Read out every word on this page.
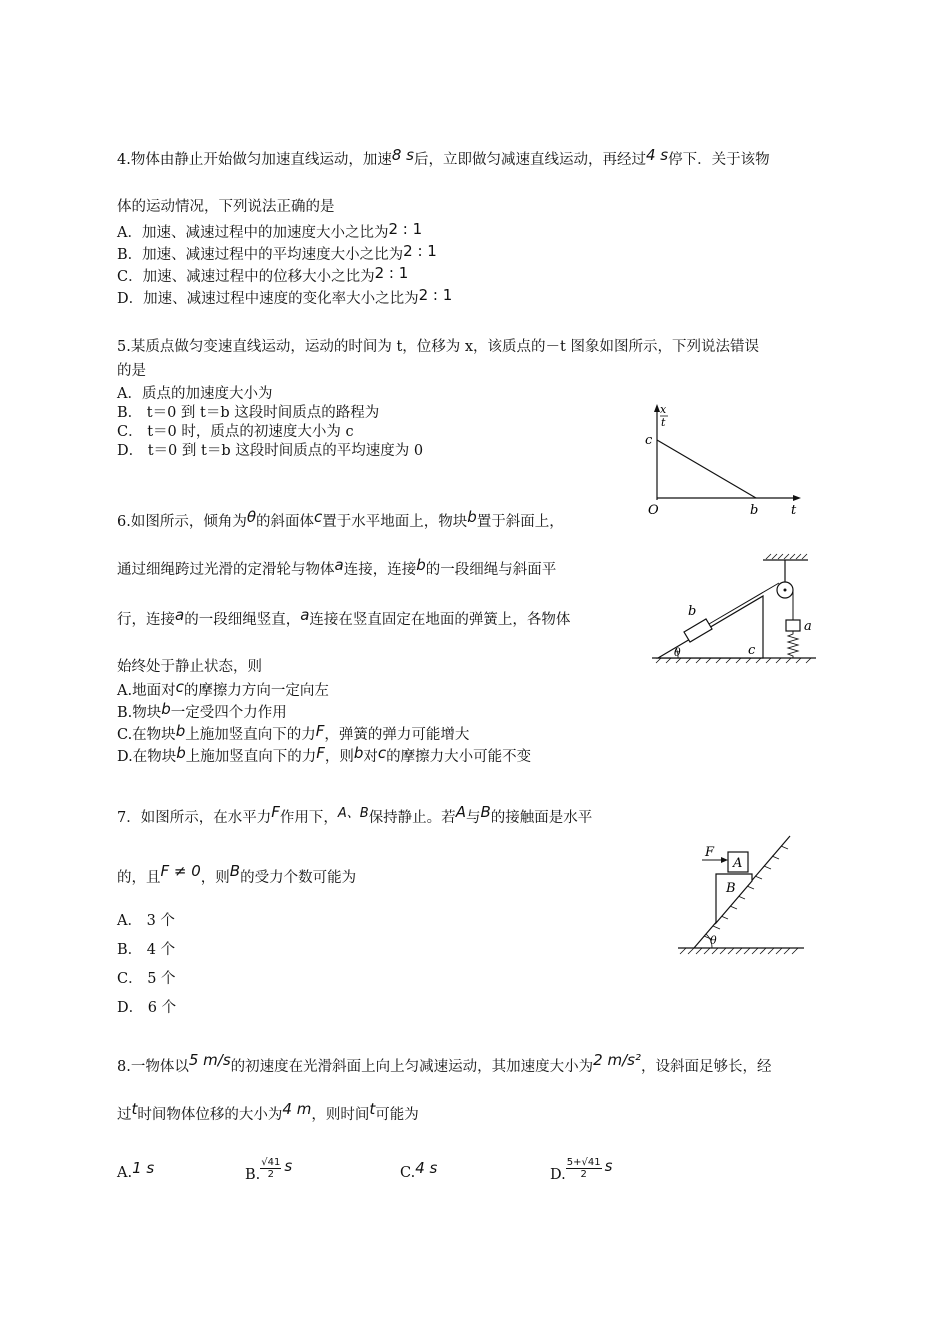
4.物体由静止开始做匀加速直线运动，加速8 s后，立即做匀减速直线运动，再经过4 s停下．关于该物
体的运动情况，下列说法正确的是
A．加速、减速过程中的加速度大小之比为2 : 1
B．加速、减速过程中的平均速度大小之比为2 : 1
C．加速、减速过程中的位移大小之比为2 : 1
D．加速、减速过程中速度的变化率大小之比为2 : 1
5.某质点做匀变速直线运动，运动的时间为 t，位移为 x，该质点的－t 图象如图所示，下列说法错误
的是
A．质点的加速度大小为
B． t＝0 到 t＝b 这段时间质点的路程为
C． t＝0 时，质点的初速度大小为 c
D． t＝0 到 t＝b 这段时间质点的平均速度为 0
x
t
c
O	b	t
6.如图所示，倾角为θ的斜面体c置于水平地面上，物块b置于斜面上，
通过细绳跨过光滑的定滑轮与物体a连接，连接b的一段细绳与斜面平
行，连接a的一段细绳竖直，a连接在竖直固定在地面的弹簧上，各物体
始终处于静止状态，则
A.地面对c的摩擦力方向一定向左
B.物块b一定受四个力作用
C.在物块b上施加竖直向下的力F，弹簧的弹力可能增大
D.在物块b上施加竖直向下的力F，则b对c的摩擦力大小可能不变
b
a
c
θ
7．如图所示，在水平力F作用下，A、B保持静止。若A与B的接触面是水平
的，且F ≠ 0，则B的受力个数可能为
A． 3 个
B． 4 个
C． 5 个
D． 6 个
F
A
B
θ
8.一物体以5 m/s的初速度在光滑斜面上向上匀减速运动，其加速度大小为2 m/s²，设斜面足够长，经
过t时间物体位移的大小为4 m，则时间t可能为
A.1 s	B. $\frac{√41}{2}$ s	C.4 s	D. $\frac{5+√41}{2}$ s
